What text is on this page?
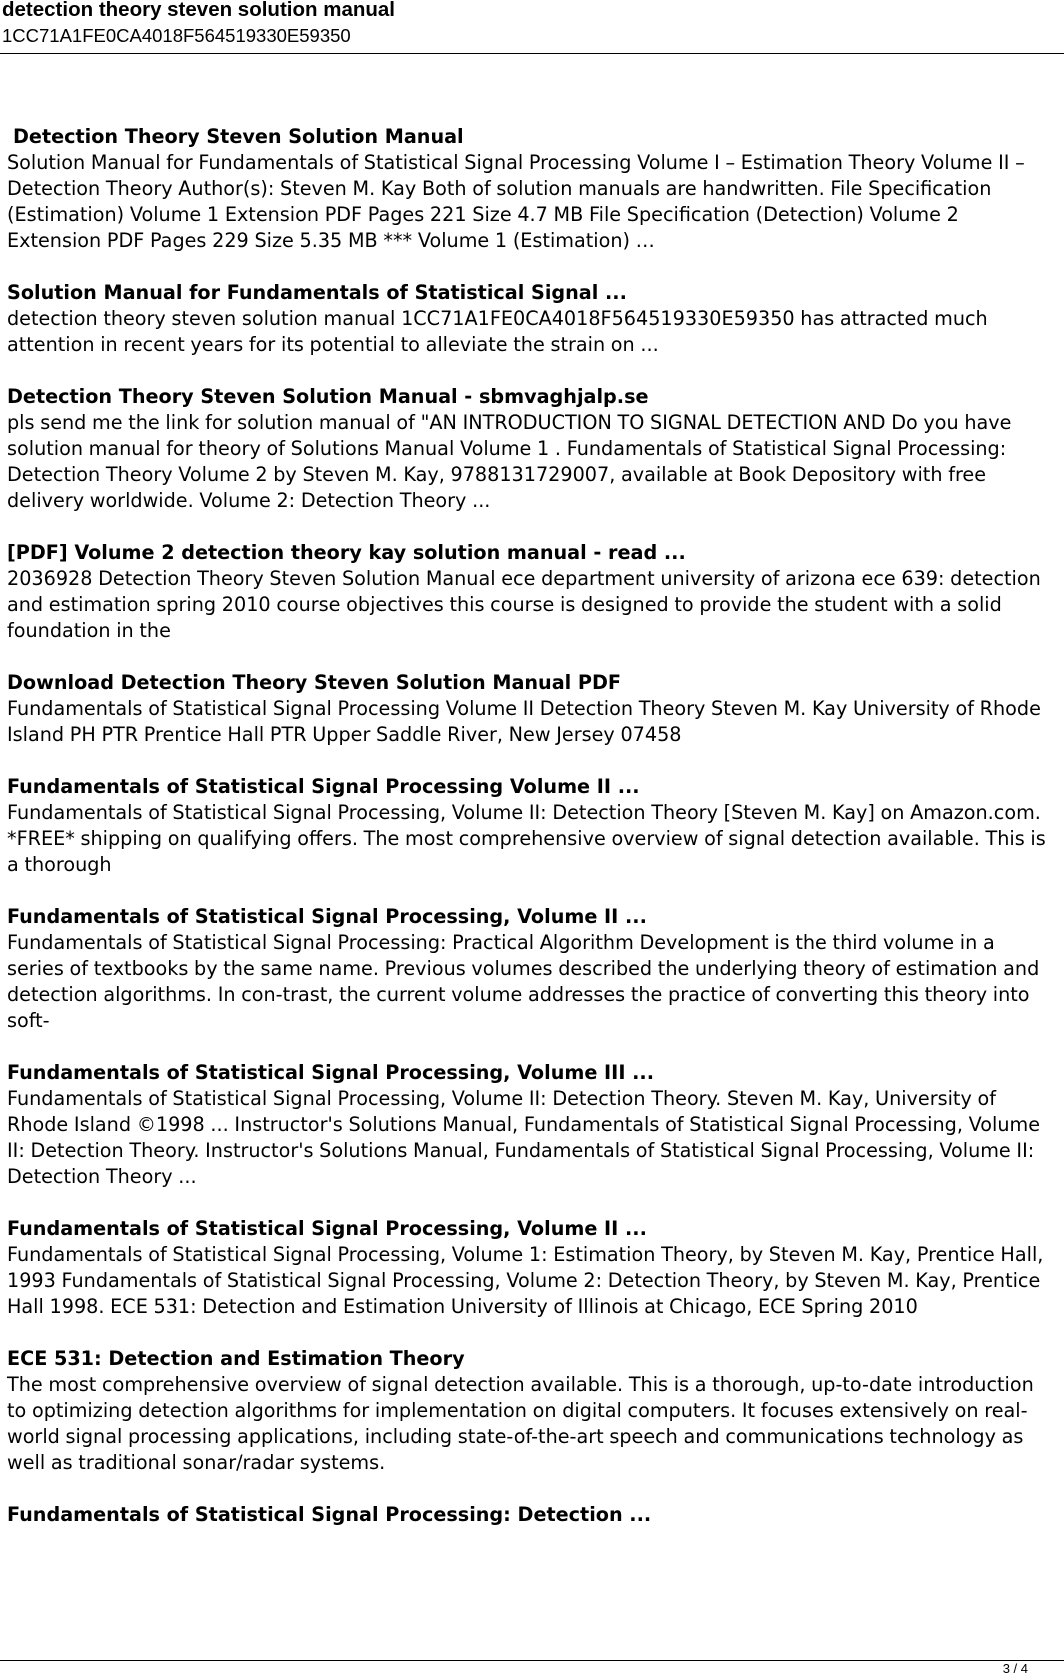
detection theory steven solution manual
1CC71A1FE0CA4018F564519330E59350
Detection Theory Steven Solution Manual
Solution Manual for Fundamentals of Statistical Signal Processing Volume I – Estimation Theory Volume II – Detection Theory Author(s): Steven M. Kay Both of solution manuals are handwritten. File Specification (Estimation) Volume 1 Extension PDF Pages 221 Size 4.7 MB File Specification (Detection) Volume 2 Extension PDF Pages 229 Size 5.35 MB *** Volume 1 (Estimation) …
Solution Manual for Fundamentals of Statistical Signal ...
detection theory steven solution manual 1CC71A1FE0CA4018F564519330E59350 has attracted much attention in recent years for its potential to alleviate the strain on ...
Detection Theory Steven Solution Manual - sbmvaghjalp.se
pls send me the link for solution manual of "AN INTRODUCTION TO SIGNAL DETECTION AND Do you have solution manual for theory of Solutions Manual Volume 1 . Fundamentals of Statistical Signal Processing: Detection Theory Volume 2 by Steven M. Kay, 9788131729007, available at Book Depository with free delivery worldwide. Volume 2: Detection Theory ...
[PDF] Volume 2 detection theory kay solution manual - read ...
2036928 Detection Theory Steven Solution Manual ece department university of arizona ece 639: detection and estimation spring 2010 course objectives this course is designed to provide the student with a solid foundation in the
Download Detection Theory Steven Solution Manual PDF
Fundamentals of Statistical Signal Processing Volume II Detection Theory Steven M. Kay University of Rhode Island PH PTR Prentice Hall PTR Upper Saddle River, New Jersey 07458
Fundamentals of Statistical Signal Processing Volume II ...
Fundamentals of Statistical Signal Processing, Volume II: Detection Theory [Steven M. Kay] on Amazon.com. *FREE* shipping on qualifying offers. The most comprehensive overview of signal detection available. This is a thorough
Fundamentals of Statistical Signal Processing, Volume II ...
Fundamentals of Statistical Signal Processing: Practical Algorithm Development is the third volume in a series of textbooks by the same name. Previous volumes described the underlying theory of estimation and detection algorithms. In con-trast, the current volume addresses the practice of converting this theory into soft-
Fundamentals of Statistical Signal Processing, Volume III ...
Fundamentals of Statistical Signal Processing, Volume II: Detection Theory. Steven M. Kay, University of Rhode Island ©1998 ... Instructor's Solutions Manual, Fundamentals of Statistical Signal Processing, Volume II: Detection Theory. Instructor's Solutions Manual, Fundamentals of Statistical Signal Processing, Volume II: Detection Theory ...
Fundamentals of Statistical Signal Processing, Volume II ...
Fundamentals of Statistical Signal Processing, Volume 1: Estimation Theory, by Steven M. Kay, Prentice Hall, 1993 Fundamentals of Statistical Signal Processing, Volume 2: Detection Theory, by Steven M. Kay, Prentice Hall 1998. ECE 531: Detection and Estimation University of Illinois at Chicago, ECE Spring 2010
ECE 531: Detection and Estimation Theory
The most comprehensive overview of signal detection available. This is a thorough, up-to-date introduction to optimizing detection algorithms for implementation on digital computers. It focuses extensively on real-world signal processing applications, including state-of-the-art speech and communications technology as well as traditional sonar/radar systems.
Fundamentals of Statistical Signal Processing: Detection ...
3 / 4
